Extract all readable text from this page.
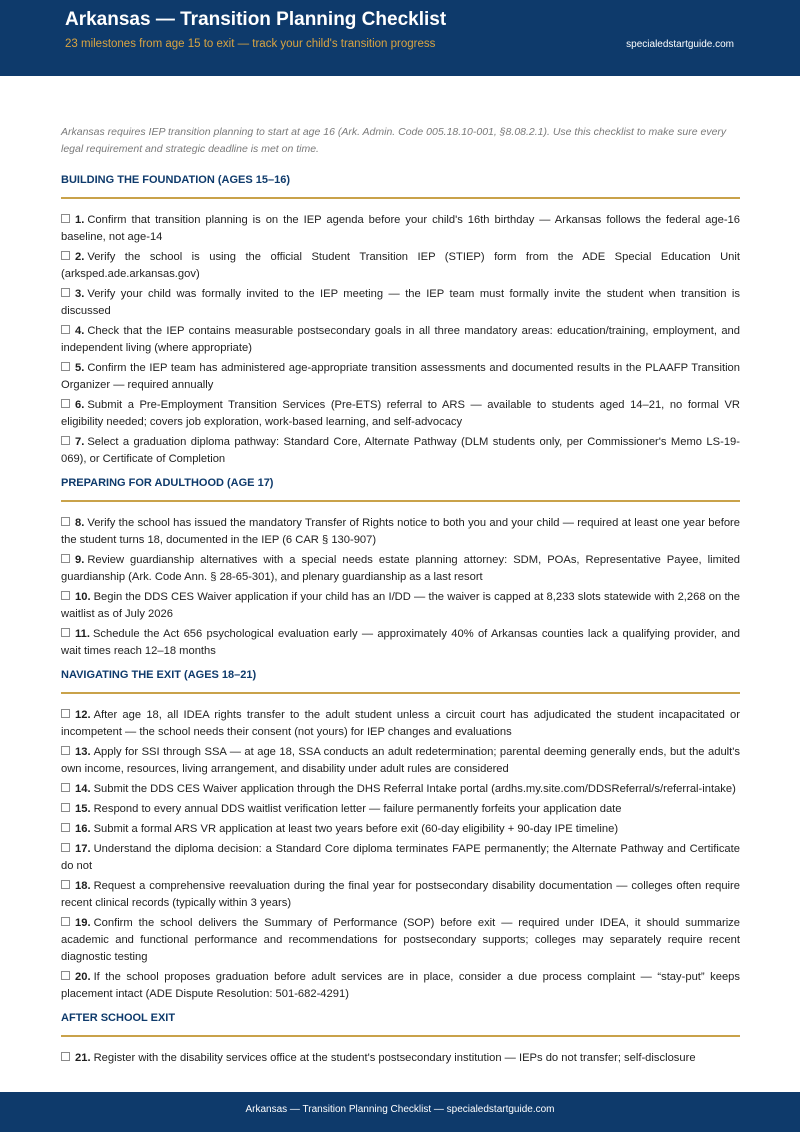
Arkansas — Transition Planning Checklist
23 milestones from age 15 to exit — track your child's transition progress	specialedstartguide.com

Arkansas requires IEP transition planning to start at age 16 (Ark. Admin. Code 005.18.10-001, §8.08.2.1). Use this checklist to make sure every legal requirement and strategic deadline is met on time.

BUILDING THE FOUNDATION (AGES 15–16)
1. Confirm that transition planning is on the IEP agenda before your child's 16th birthday — Arkansas follows the federal age-16 baseline, not age-14
2. Verify the school is using the official Student Transition IEP (STIEP) form from the ADE Special Education Unit (arksped.ade.arkansas.gov)
3. Verify your child was formally invited to the IEP meeting — the IEP team must formally invite the student when transition is discussed
4. Check that the IEP contains measurable postsecondary goals in all three mandatory areas: education/training, employment, and independent living (where appropriate)
5. Confirm the IEP team has administered age-appropriate transition assessments and documented results in the PLAAFP Transition Organizer — required annually
6. Submit a Pre-Employment Transition Services (Pre-ETS) referral to ARS — available to students aged 14–21, no formal VR eligibility needed; covers job exploration, work-based learning, and self-advocacy
7. Select a graduation diploma pathway: Standard Core, Alternate Pathway (DLM students only, per Commissioner's Memo LS-19-069), or Certificate of Completion
PREPARING FOR ADULTHOOD (AGE 17)
8. Verify the school has issued the mandatory Transfer of Rights notice to both you and your child — required at least one year before the student turns 18, documented in the IEP (6 CAR § 130-907)
9. Review guardianship alternatives with a special needs estate planning attorney: SDM, POAs, Representative Payee, limited guardianship (Ark. Code Ann. § 28-65-301), and plenary guardianship as a last resort
10. Begin the DDS CES Waiver application if your child has an I/DD — the waiver is capped at 8,233 slots statewide with 2,268 on the waitlist as of July 2026
11. Schedule the Act 656 psychological evaluation early — approximately 40% of Arkansas counties lack a qualifying provider, and wait times reach 12–18 months
NAVIGATING THE EXIT (AGES 18–21)
12. After age 18, all IDEA rights transfer to the adult student unless a circuit court has adjudicated the student incapacitated or incompetent — the school needs their consent (not yours) for IEP changes and evaluations
13. Apply for SSI through SSA — at age 18, SSA conducts an adult redetermination; parental deeming generally ends, but the adult's own income, resources, living arrangement, and disability under adult rules are considered
14. Submit the DDS CES Waiver application through the DHS Referral Intake portal (ardhs.my.site.com/DDSReferral/s/referral-intake)
15. Respond to every annual DDS waitlist verification letter — failure permanently forfeits your application date
16. Submit a formal ARS VR application at least two years before exit (60-day eligibility + 90-day IPE timeline)
17. Understand the diploma decision: a Standard Core diploma terminates FAPE permanently; the Alternate Pathway and Certificate do not
18. Request a comprehensive reevaluation during the final year for postsecondary disability documentation — colleges often require recent clinical records (typically within 3 years)
19. Confirm the school delivers the Summary of Performance (SOP) before exit — required under IDEA, it should summarize academic and functional performance and recommendations for postsecondary supports; colleges may separately require recent diagnostic testing
20. If the school proposes graduation before adult services are in place, consider a due process complaint — “stay-put” keeps placement intact (ADE Dispute Resolution: 501-682-4291)
AFTER SCHOOL EXIT
21. Register with the disability services office at the student's postsecondary institution — IEPs do not transfer; self-disclosure
Arkansas — Transition Planning Checklist — specialedstartguide.com
